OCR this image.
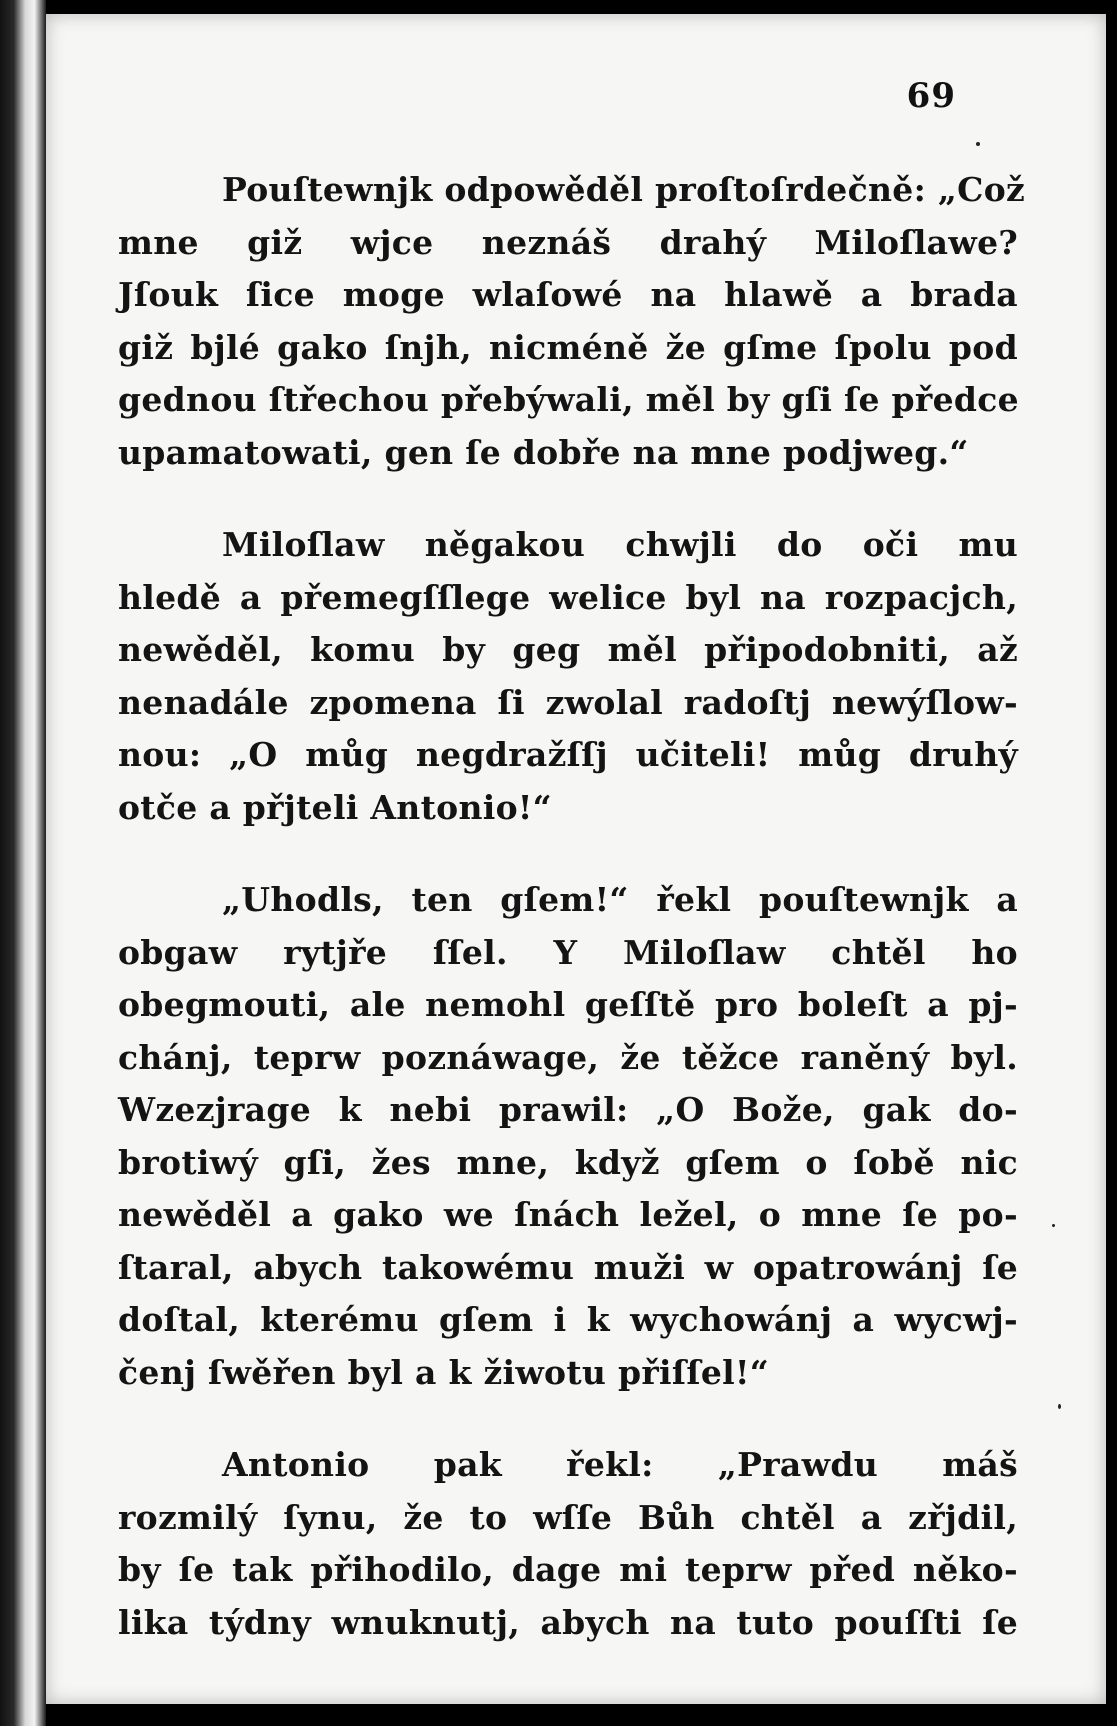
69
Pouſtewnjk odpowěděl proſtoſrdečně: „Což
mne giž wjce neznáš drahý Miloſlawe?
Jſouk ſice moge wlaſowé na hlawě a brada
giž bjlé gako ſnjh, nicméně že gſme ſpolu pod
gednou ſtřechou přebýwali, měl by gſi ſe předce
upamatowati, gen ſe dobře na mne podjweg.“
Miloſlaw něgakou chwjli do oči mu
hledě a přemegſſlege welice byl na rozpacjch,
newěděl, komu by geg měl připodobniti, až
nenadále zpomena ſi zwolal radoſtj newýſlow-
nou: „O můg negdražſſj učiteli! můg druhý
otče a přjteli Antonio!“
„Uhodls, ten gſem!“ řekl pouſtewnjk a
obgaw rytjře ſſel. Y Miloſlaw chtěl ho
obegmouti, ale nemohl geſſtě pro boleſt a pj-
chánj, teprw poznáwage, že těžce raněný byl.
Wzezjrage k nebi prawil: „O Bože, gak do-
brotiwý gſi, žes mne, když gſem o ſobě nic
newěděl a gako we ſnách ležel, o mne ſe po-
ſtaral, abych takowému muži w opatrowánj ſe
doſtal, kterému gſem i k wychowánj a wycwj-
čenj ſwěřen byl a k žiwotu přiſſel!“
Antonio pak řekl: „Prawdu máš
rozmilý ſynu, že to wſſe Bůh chtěl a zřjdil,
by ſe tak přihodilo, dage mi teprw před něko-
lika týdny wnuknutj, abych na tuto pouſſti ſe
